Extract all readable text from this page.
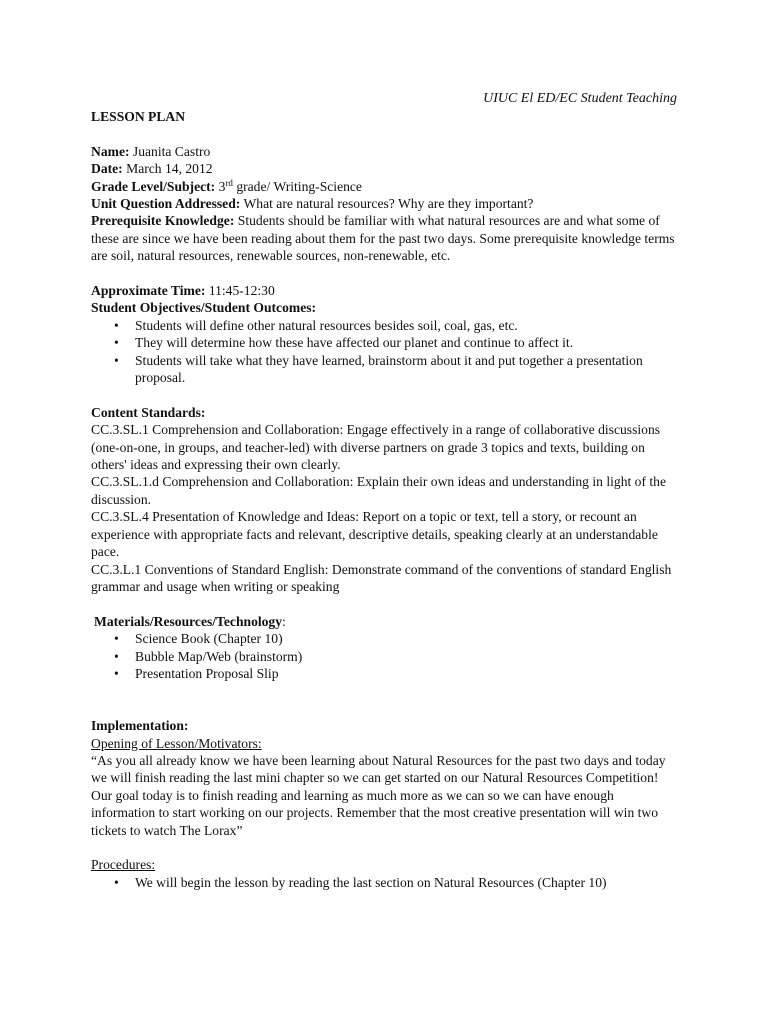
UIUC El ED/EC Student Teaching
LESSON PLAN
Name: Juanita Castro
Date: March 14, 2012
Grade Level/Subject: 3rd grade/ Writing-Science
Unit Question Addressed: What are natural resources? Why are they important?
Prerequisite Knowledge: Students should be familiar with what natural resources are and what some of these are since we have been reading about them for the past two days. Some prerequisite knowledge terms are soil, natural resources, renewable sources, non-renewable, etc.
Approximate Time: 11:45-12:30
Student Objectives/Student Outcomes:
• Students will define other natural resources besides soil, coal, gas, etc.
• They will determine how these have affected our planet and continue to affect it.
• Students will take what they have learned, brainstorm about it and put together a presentation proposal.
Content Standards:

CC.3.SL.1 Comprehension and Collaboration: Engage effectively in a range of collaborative discussions (one-on-one, in groups, and teacher-led) with diverse partners on grade 3 topics and texts, building on others' ideas and expressing their own clearly.

CC.3.SL.1.d Comprehension and Collaboration: Explain their own ideas and understanding in light of the discussion.

CC.3.SL.4 Presentation of Knowledge and Ideas: Report on a topic or text, tell a story, or recount an experience with appropriate facts and relevant, descriptive details, speaking clearly at an understandable pace.

CC.3.L.1 Conventions of Standard English: Demonstrate command of the conventions of standard English grammar and usage when writing or speaking

Materials/Resources/Technology:
• Science Book (Chapter 10)
• Bubble Map/Web (brainstorm)
• Presentation Proposal Slip
Implementation:
Opening of Lesson/Motivators:

“As you all already know we have been learning about Natural Resources for the past two days and today we will finish reading the last mini chapter so we can get started on our Natural Resources Competition! Our goal today is to finish reading and learning as much more as we can so we can have enough information to start working on our projects. Remember that the most creative presentation will win two tickets to watch The Lorax”

Procedures:
• We will begin the lesson by reading the last section on Natural Resources (Chapter 10)
